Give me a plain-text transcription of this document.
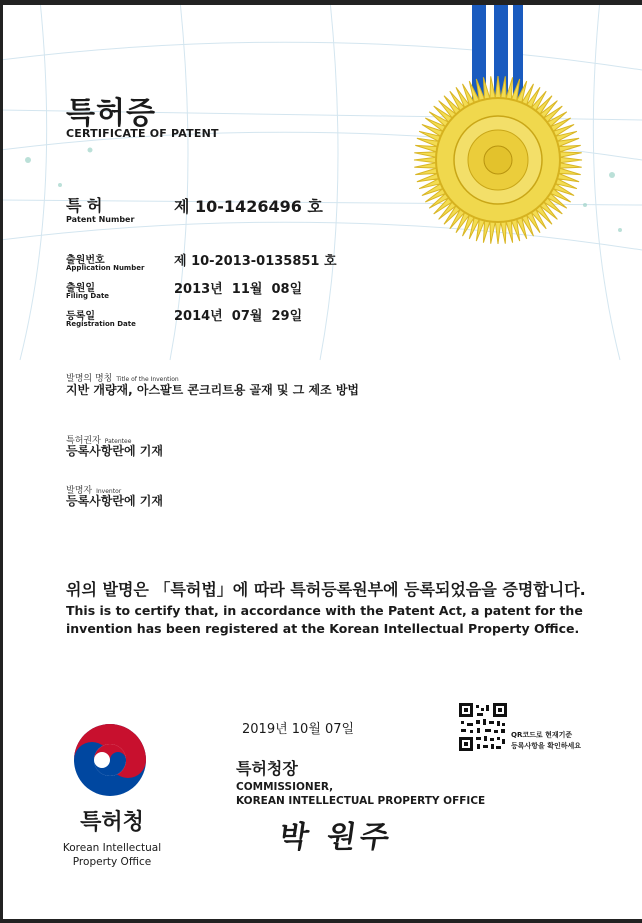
특허증
CERTIFICATE OF PATENT
특 허
Patent Number
제 10-1426496 호
출원번호
Application Number 제 10-2013-0135851 호
출원일
Filing Date	2013년  11월  08일
등록일
Registration Date	2014년  07월  29일
발명의 명칭 Title of the Invention
지반 개량재, 아스팔트 콘크리트용 골재 및 그 제조 방법
특허권자 Patentee
등록사항란에 기재
발명자 Inventor
등록사항란에 기재
위의 발명은 「특허법」에 따라 특허등록원부에 등록되었음을 증명합니다.
This is to certify that, in accordance with the Patent Act, a patent for the invention has been registered at the Korean Intellectual Property Office.
2019년 10월 07일	QR코드로 현재기준
등록사항을 확인하세요
특허청장
COMMISSIONER,
KOREAN INTELLECTUAL PROPERTY OFFICE
박 원주
특허청
Korean Intellectual
Property Office
